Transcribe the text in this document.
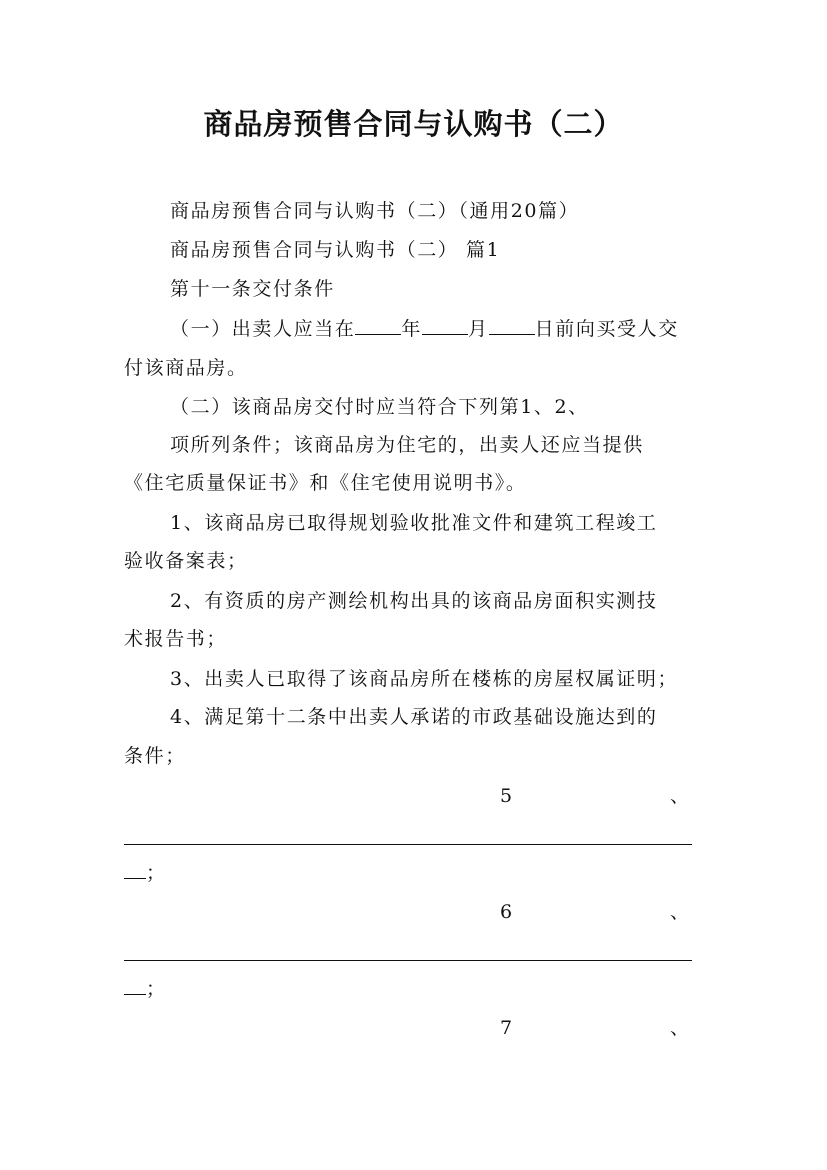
商品房预售合同与认购书（二）

商品房预售合同与认购书（二）（通用20篇）

商品房预售合同与认购书（二） 篇1

第十一条交付条件

（一）出卖人应当在 年 月 日前向买受人交

付该商品房。

（二）该商品房交付时应当符合下列第1、2、

项所列条件；该商品房为住宅的，出卖人还应当提供

《住宅质量保证书》和《住宅使用说明书》。

1、该商品房已取得规划验收批准文件和建筑工程竣工

验收备案表；

2、有资质的房产测绘机构出具的该商品房面积实测技

术报告书；

3、出卖人已取得了该商品房所在楼栋的房屋权属证明；

4、满足第十二条中出卖人承诺的市政基础设施达到的

条件；

5	、
；
6	、
；
7	、
